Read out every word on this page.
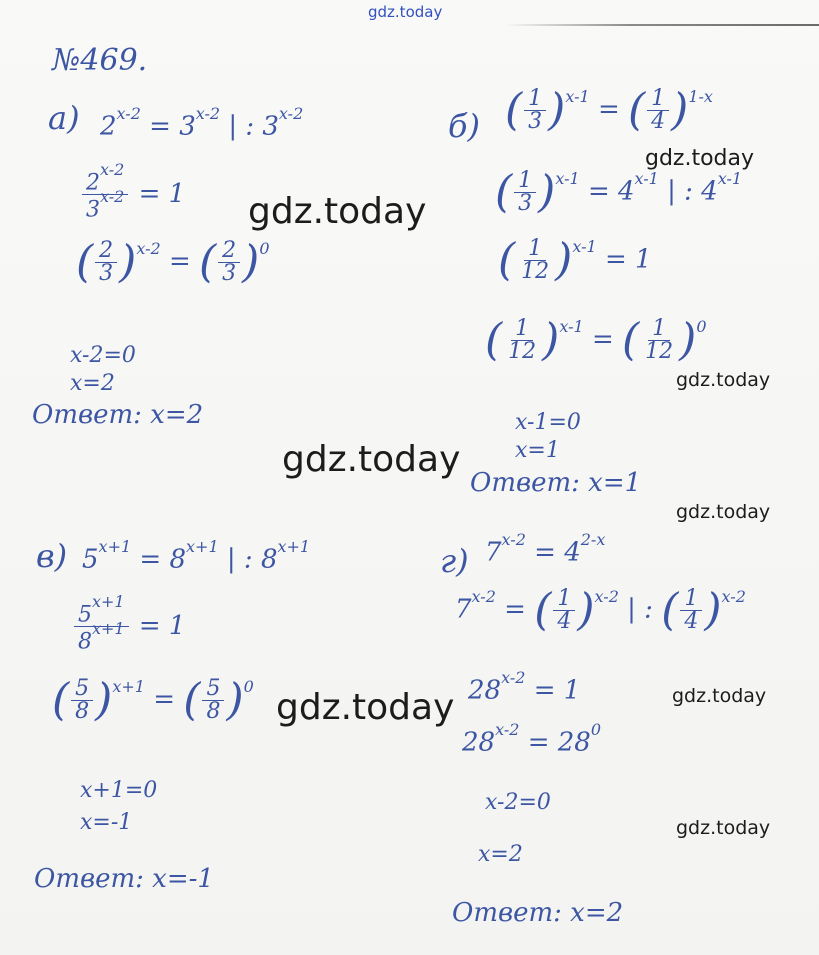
gdz.today
№469.
а) $2^{x-2} = 3^{x-2}$ | : 3$^{x-2}$
$\frac{2^{x-2}}{3^{x-2}} = 1$
( $\frac{2}{3} )^{x-2}$ = ( $\frac{2}{3} )^0$
x-2=0
x=2
Ответ: x=2
б) ( $\frac{1}{3} )^{x-1}$ = ( $\frac{1}{4} )^{1-x}$
( $\frac{1}{3} )^{x-1} = 4^{x-1}$ | : 4$^{x-1}$
( $\frac{1}{12} )^{x-1} = 1$
( $\frac{1}{12} )^{x-1}$ = ( $\frac{1}{12} )^0$
x-1=0
x=1
Ответ: x=1
в) $5^{x+1} = 8^{x+1}$ | : $8^{x+1}$
$\frac{5^{x+1}}{8^{x+1}} = 1$
( $\frac{5}{8} )^{x+1}$ = ( $\frac{5}{8} )^0$
x+1=0
x=-1
Ответ: x=-1
г) $7^{x-2} = 4^{2-x}$
$7^{x-2}$ = ( $\frac{1}{4} )^{x-2}$ | : ( $\frac{1}{4} )^{x-2}$
$28^{x-2} = 1$
$28^{x-2} = 28^0$
x-2=0
x=2
Ответ: x=2
gdz.today
gdz.today
gdz.today
gdz.today
gdz.today
gdz.today
gdz.today
gdz.today
